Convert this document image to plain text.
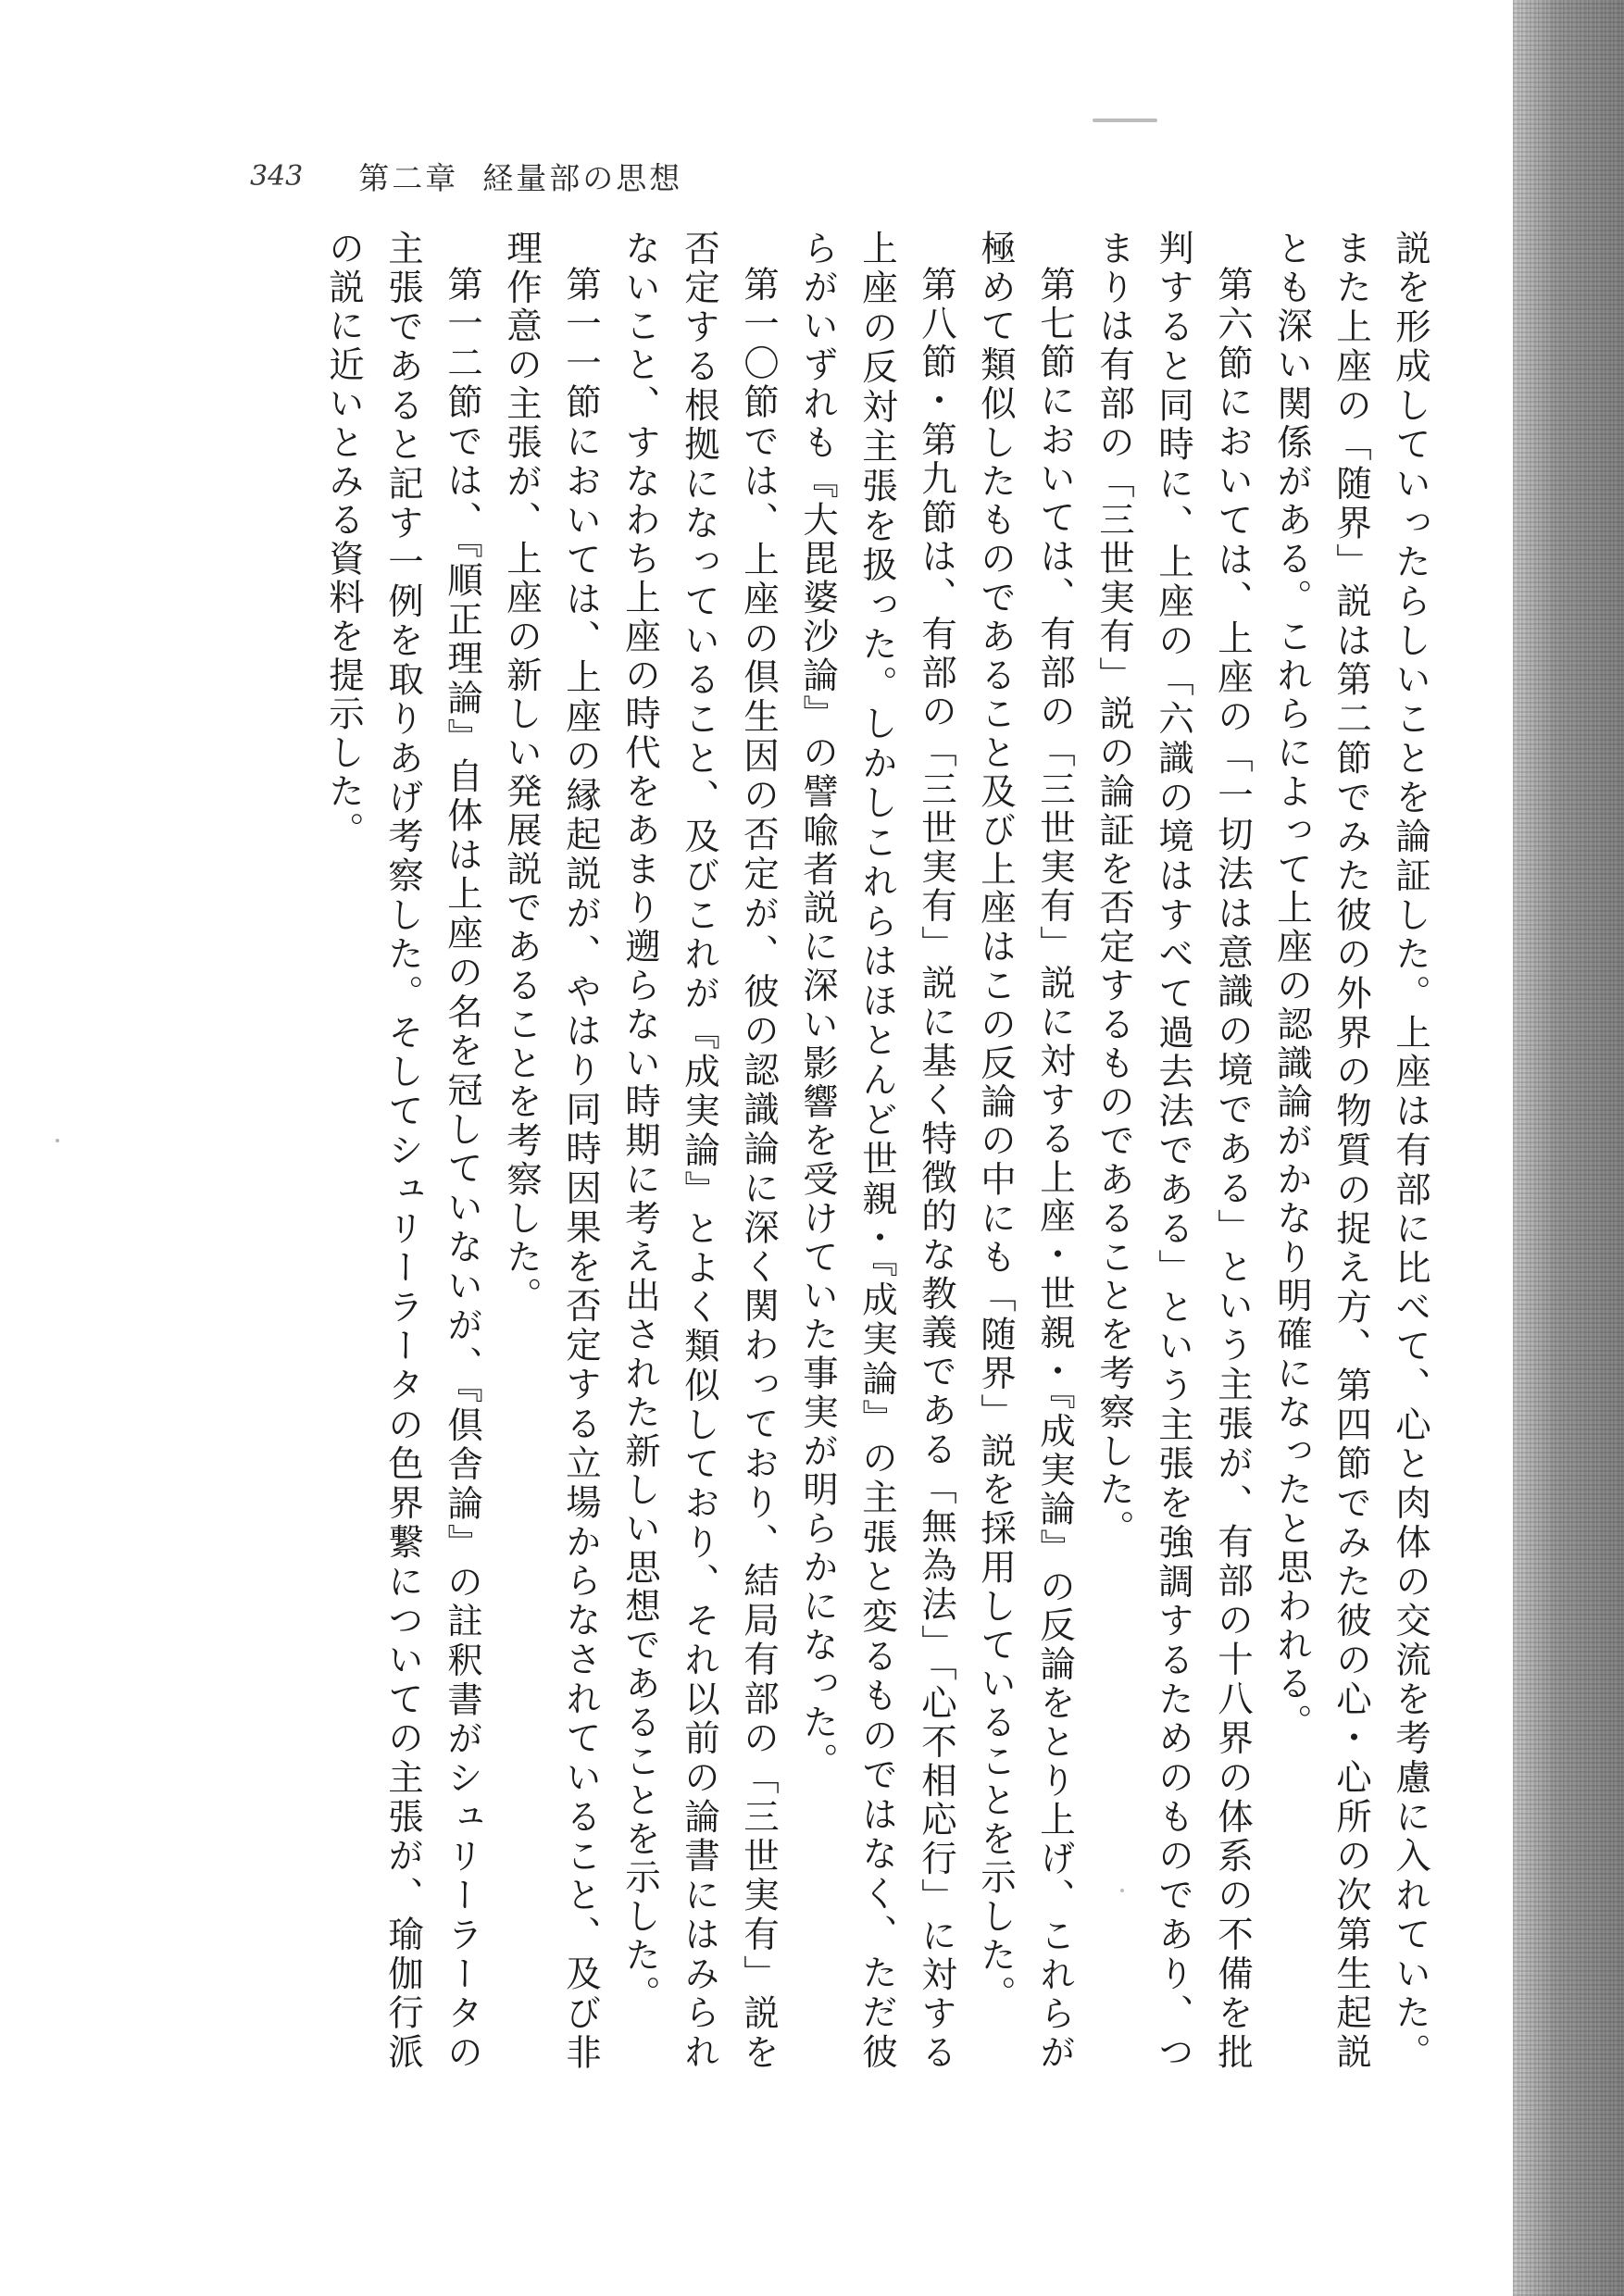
343 第二章 経量部の思想

説を形成していったらしいことを論証した。上座は有部に比べて、心と肉体の交流を考慮に入れていた。また上座の「随界」説は第二節でみた彼の外界の物質の捉え方、第四節でみた彼の心・心所の次第生起説とも深い関係がある。これらによって上座の認識論がかなり明確になったと思われる。

第六節においては、上座の「一切法は意識の境である」という主張が、有部の十八界の体系の不備を批判すると同時に、上座の「六識の境はすべて過去法である」という主張を強調するためのものであり、つまりは有部の「三世実有」説の論証を否定するものであることを考察した。

第七節においては、有部の「三世実有」説に対する上座・世親・『成実論』の反論をとり上げ、これらが極めて類似したものであること及び上座はこの反論の中にも「随界」説を採用していることを示した。

第八節・第九節は、有部の「三世実有」説に基く特徴的な教義である「無為法」「心不相応行」に対する上座の反対主張を扱った。しかしこれらはほとんど世親・『成実論』の主張と変るものではなく、ただ彼らがいずれも『大毘婆沙論』の譬喩者説に深い影響を受けていた事実が明らかになった。

第一〇節では、上座の倶生因の否定が、彼の認識論に深く関わっており、結局有部の「三世実有」説を否定する根拠になっていること、及びこれが『成実論』とよく類似しており、それ以前の論書にはみられないこと、すなわち上座の時代をあまり遡らない時期に考え出された新しい思想であることを示した。

第一一節においては、上座の縁起説が、やはり同時因果を否定する立場からなされていること、及び非理作意の主張が、上座の新しい発展説であることを考察した。

第一二節では、『順正理論』自体は上座の名を冠していないが、『倶舎論』の註釈書がシュリーラータの主張であると記す一例を取りあげ考察した。そしてシュリーラータの色界繋についての主張が、瑜伽行派の説に近いとみる資料を提示した。
